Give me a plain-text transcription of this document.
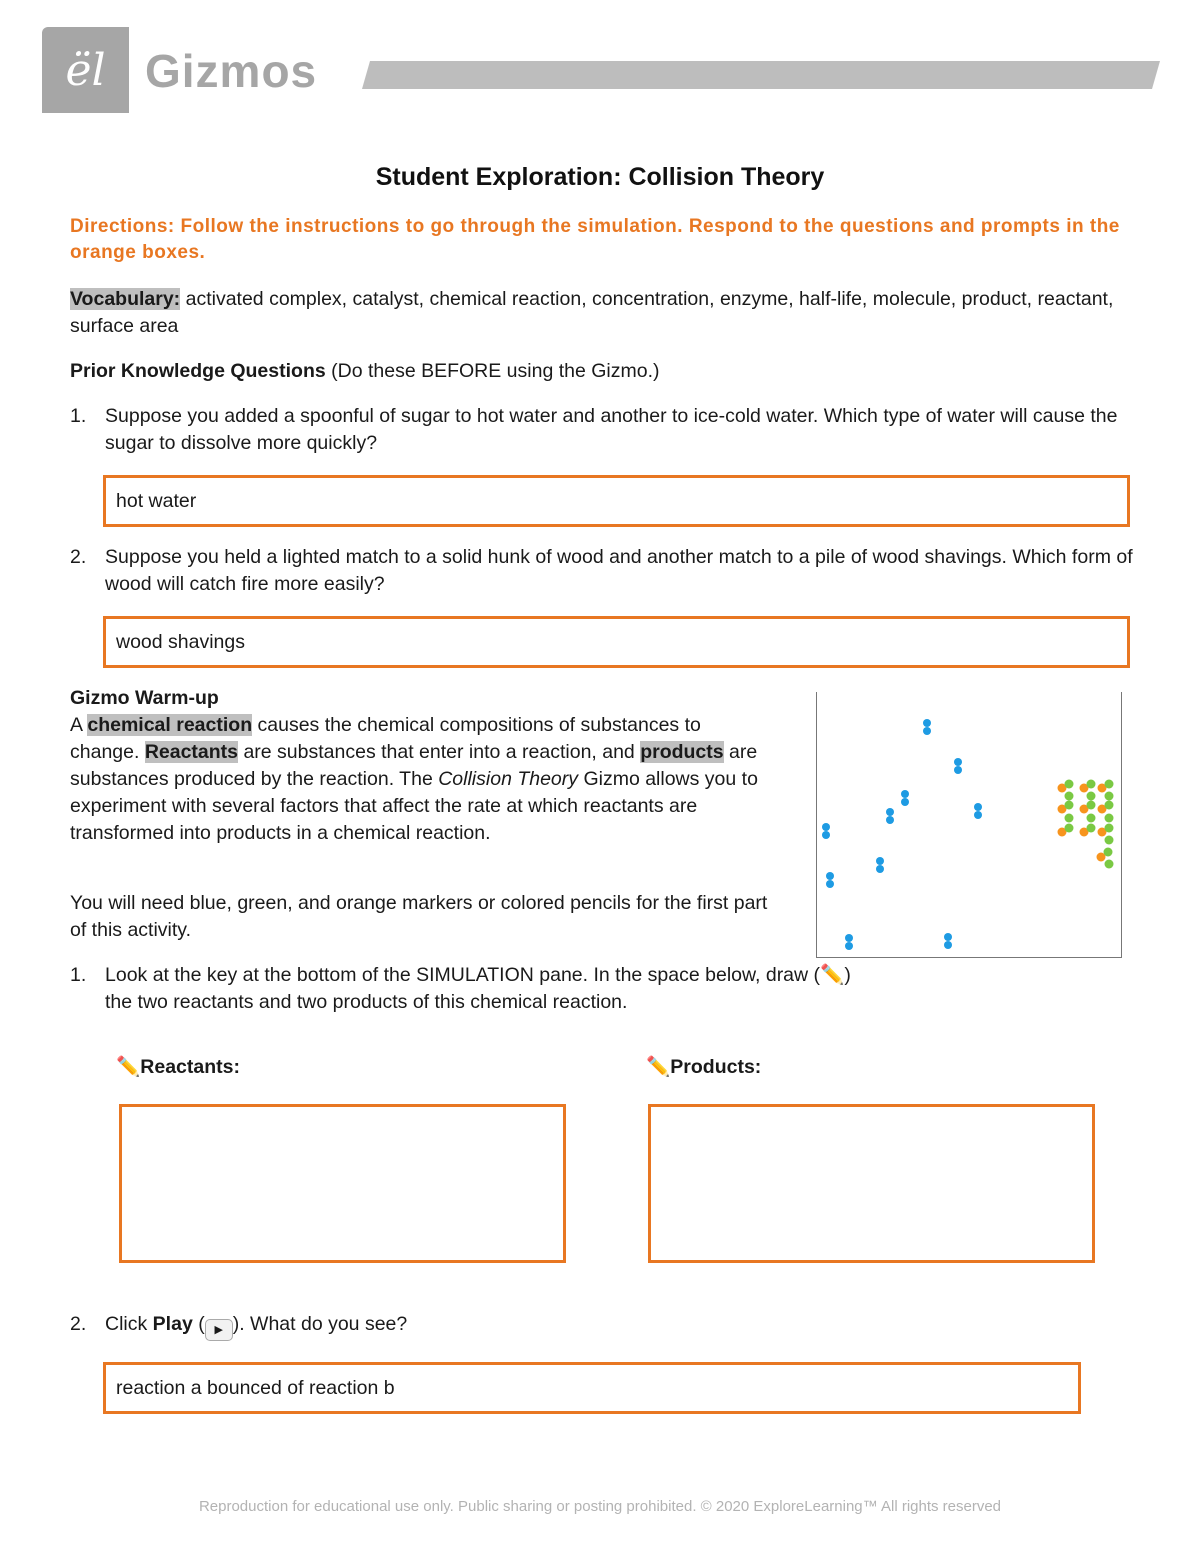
ël Gizmos
Student Exploration: Collision Theory
Directions: Follow the instructions to go through the simulation. Respond to the questions and prompts in the orange boxes.
Vocabulary: activated complex, catalyst, chemical reaction, concentration, enzyme, half-life, molecule, product, reactant, surface area
Prior Knowledge Questions (Do these BEFORE using the Gizmo.)
1. Suppose you added a spoonful of sugar to hot water and another to ice-cold water. Which type of water will cause the sugar to dissolve more quickly?
hot water
2. Suppose you held a lighted match to a solid hunk of wood and another match to a pile of wood shavings. Which form of wood will catch fire more easily?
wood shavings
Gizmo Warm-up
A chemical reaction causes the chemical compositions of substances to change. Reactants are substances that enter into a reaction, and products are substances produced by the reaction. The Collision Theory Gizmo allows you to experiment with several factors that affect the rate at which reactants are transformed into products in a chemical reaction.
You will need blue, green, and orange markers or colored pencils for the first part of this activity.
1. Look at the key at the bottom of the SIMULATION pane. In the space below, draw (✏️) the two reactants and two products of this chemical reaction.
✏️Reactants:	✏️Products:
2. Click Play ( ▶ ). What do you see?
reaction a bounced of reaction b
Reproduction for educational use only. Public sharing or posting prohibited. © 2020 ExploreLearning™ All rights reserved
